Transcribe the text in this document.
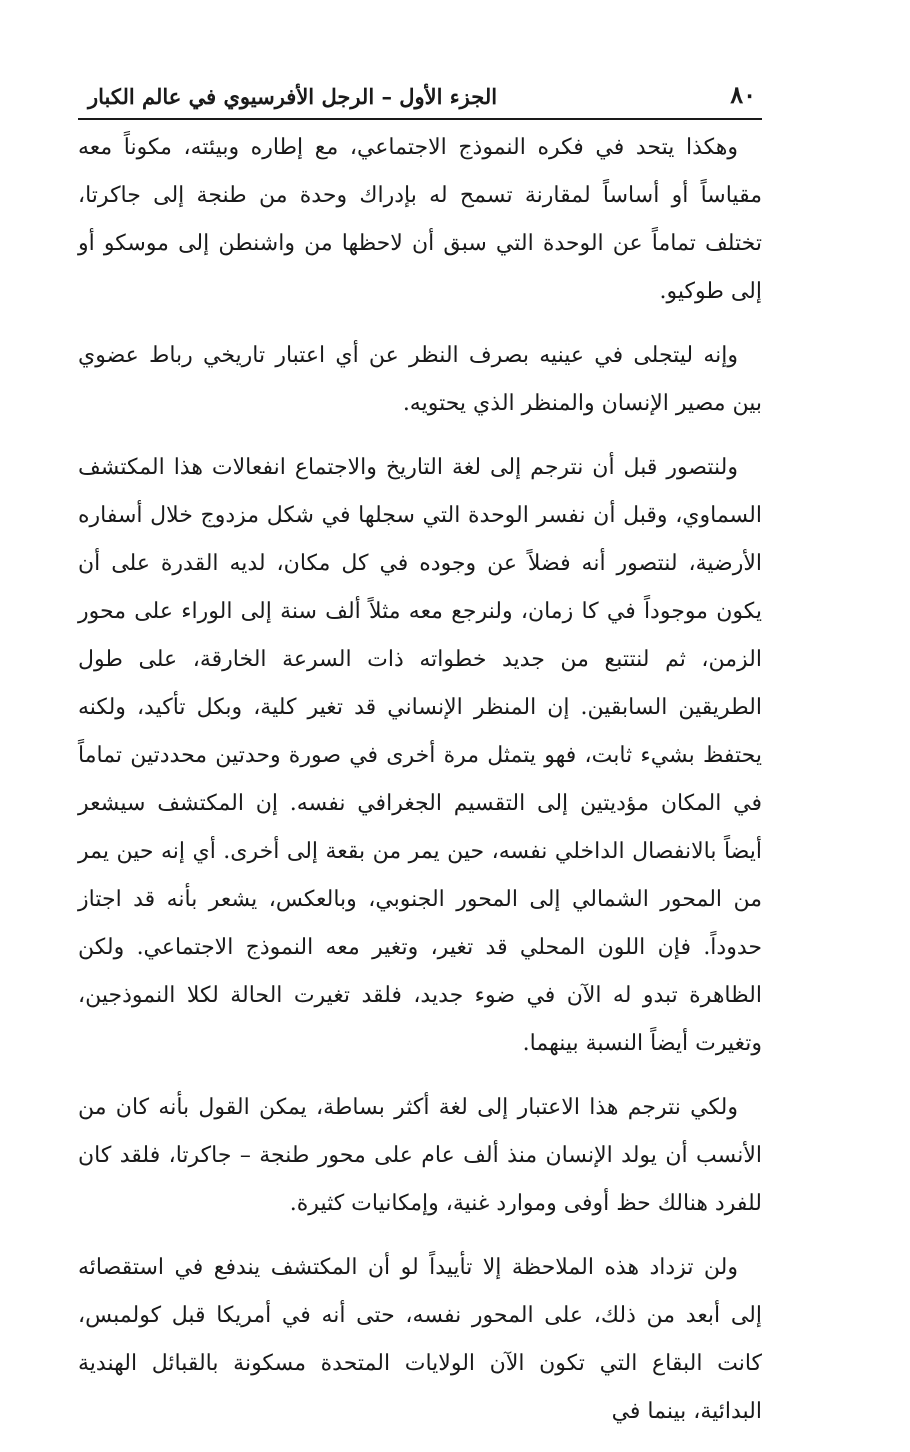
٨٠
الجزء الأول – الرجل الأفرسيوي في عالم الكبار

وهكذا يتحد في فكره النموذج الاجتماعي، مع إطاره وبيئته، مكوناً معه مقياساً أو أساساً لمقارنة تسمح له بإدراك وحدة من طنجة إلى جاكرتا، تختلف تماماً عن الوحدة التي سبق أن لاحظها من واشنطن إلى موسكو أو إلى طوكيو.

وإنه ليتجلى في عينيه بصرف النظر عن أي اعتبار تاريخي رباط عضوي بين مصير الإنسان والمنظر الذي يحتويه.

ولنتصور قبل أن نترجم إلى لغة التاريخ والاجتماع انفعالات هذا المكتشف السماوي، وقبل أن نفسر الوحدة التي سجلها في شكل مزدوج خلال أسفاره الأرضية، لنتصور أنه فضلاً عن وجوده في كل مكان، لديه القدرة على أن يكون موجوداً في كا زمان، ولنرجع معه مثلاً ألف سنة إلى الوراء على محور الزمن، ثم لنتتبع من جديد خطواته ذات السرعة الخارقة، على طول الطريقين السابقين. إن المنظر الإنساني قد تغير كلية، وبكل تأكيد، ولكنه يحتفظ بشيء ثابت، فهو يتمثل مرة أخرى في صورة وحدتين محددتين تماماً في المكان مؤديتين إلى التقسيم الجغرافي نفسه. إن المكتشف سيشعر أيضاً بالانفصال الداخلي نفسه، حين يمر من بقعة إلى أخرى. أي إنه حين يمر من المحور الشمالي إلى المحور الجنوبي، وبالعكس، يشعر بأنه قد اجتاز حدوداً. فإن اللون المحلي قد تغير، وتغير معه النموذج الاجتماعي. ولكن الظاهرة تبدو له الآن في ضوء جديد، فلقد تغيرت الحالة لكلا النموذجين، وتغيرت أيضاً النسبة بينهما.

ولكي نترجم هذا الاعتبار إلى لغة أكثر بساطة، يمكن القول بأنه كان من الأنسب أن يولد الإنسان منذ ألف عام على محور طنجة – جاكرتا، فلقد كان للفرد هنالك حظ أوفى وموارد غنية، وإمكانيات كثيرة.

ولن تزداد هذه الملاحظة إلا تأييداً لو أن المكتشف يندفع في استقصائه إلى أبعد من ذلك، على المحور نفسه، حتى أنه في أمريكا قبل كولمبس، كانت البقاع التي تكون الآن الولايات المتحدة مسكونة بالقبائل الهندية البدائية، بينما في
